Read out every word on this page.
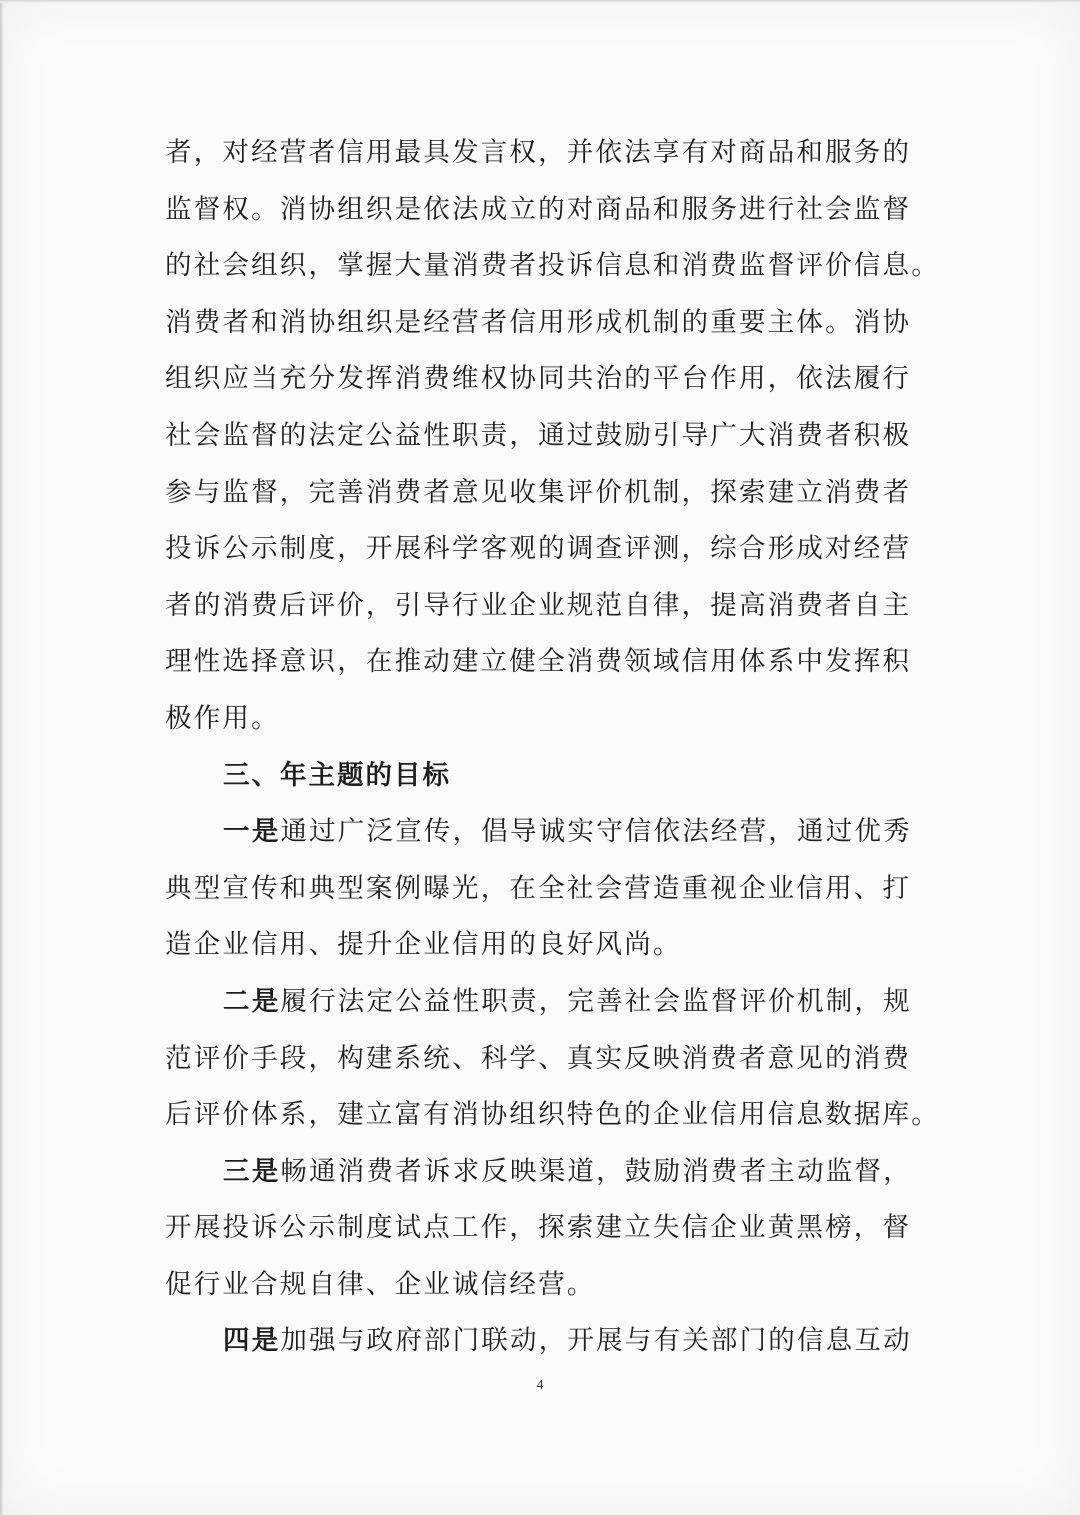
者，对经营者信用最具发言权，并依法享有对商品和服务的
监督权。消协组织是依法成立的对商品和服务进行社会监督
的社会组织，掌握大量消费者投诉信息和消费监督评价信息。
消费者和消协组织是经营者信用形成机制的重要主体。消协
组织应当充分发挥消费维权协同共治的平台作用，依法履行
社会监督的法定公益性职责，通过鼓励引导广大消费者积极
参与监督，完善消费者意见收集评价机制，探索建立消费者
投诉公示制度，开展科学客观的调查评测，综合形成对经营
者的消费后评价，引导行业企业规范自律，提高消费者自主
理性选择意识，在推动建立健全消费领域信用体系中发挥积
极作用。
三、年主题的目标
一是通过广泛宣传，倡导诚实守信依法经营，通过优秀
典型宣传和典型案例曝光，在全社会营造重视企业信用、打
造企业信用、提升企业信用的良好风尚。
二是履行法定公益性职责，完善社会监督评价机制，规
范评价手段，构建系统、科学、真实反映消费者意见的消费
后评价体系，建立富有消协组织特色的企业信用信息数据库。
三是畅通消费者诉求反映渠道，鼓励消费者主动监督，
开展投诉公示制度试点工作，探索建立失信企业黄黑榜，督
促行业合规自律、企业诚信经营。
四是加强与政府部门联动，开展与有关部门的信息互动
4
